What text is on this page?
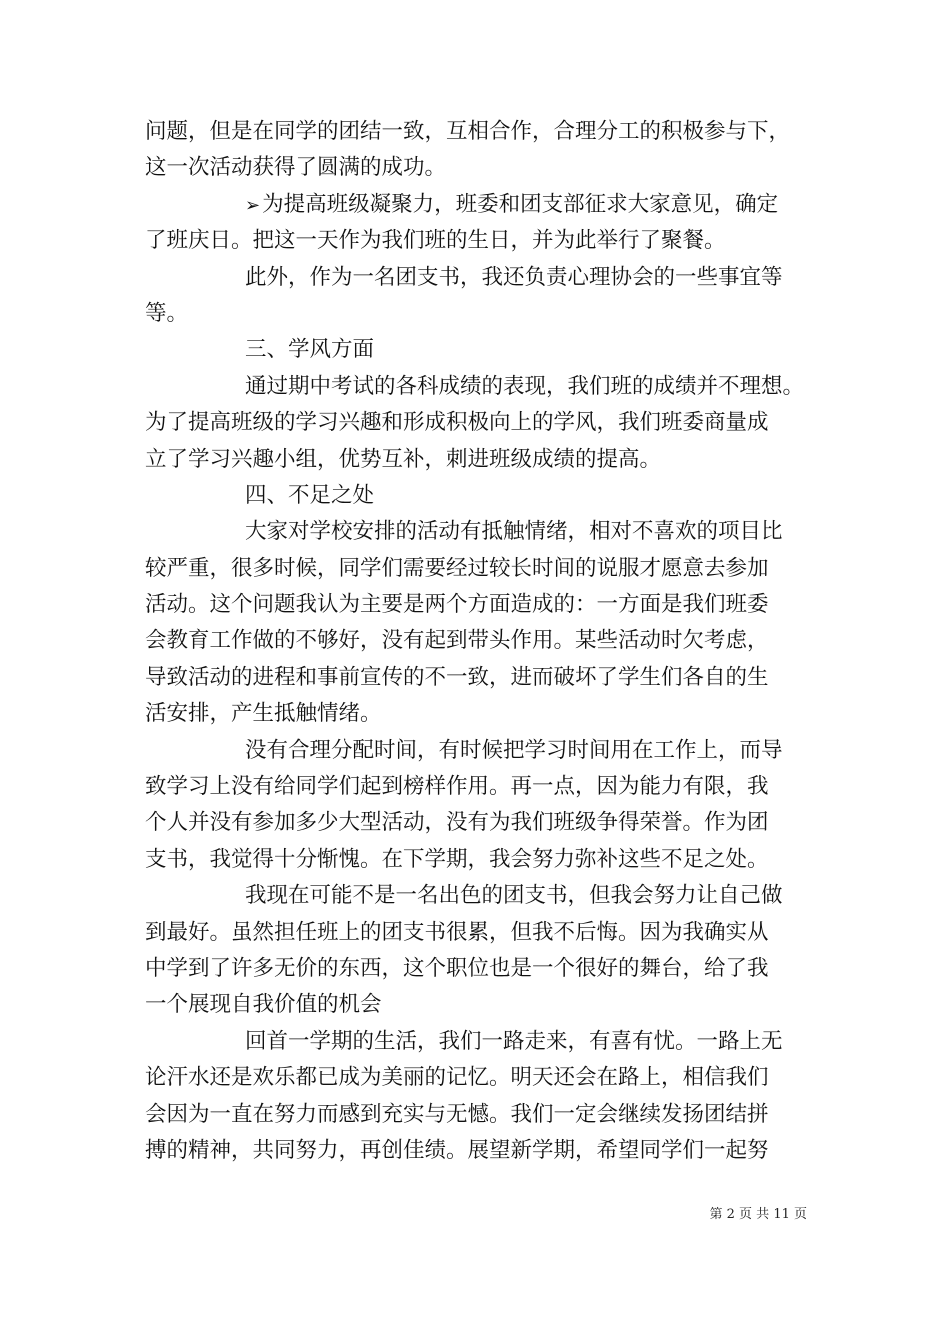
问题，但是在同学的团结一致，互相合作，合理分工的积极参与下，
这一次活动获得了圆满的成功。
➢为提高班级凝聚力，班委和团支部征求大家意见，确定
了班庆日。把这一天作为我们班的生日，并为此举行了聚餐。
此外，作为一名团支书，我还负责心理协会的一些事宜等
等。
三、学风方面
通过期中考试的各科成绩的表现，我们班的成绩并不理想。
为了提高班级的学习兴趣和形成积极向上的学风，我们班委商量成
立了学习兴趣小组，优势互补，刺进班级成绩的提高。
四、不足之处
大家对学校安排的活动有抵触情绪，相对不喜欢的项目比
较严重，很多时候，同学们需要经过较长时间的说服才愿意去参加
活动。这个问题我认为主要是两个方面造成的：一方面是我们班委
会教育工作做的不够好，没有起到带头作用。某些活动时欠考虑，
导致活动的进程和事前宣传的不一致，进而破坏了学生们各自的生
活安排，产生抵触情绪。
没有合理分配时间，有时候把学习时间用在工作上，而导
致学习上没有给同学们起到榜样作用。再一点，因为能力有限，我
个人并没有参加多少大型活动，没有为我们班级争得荣誉。作为团
支书，我觉得十分惭愧。在下学期，我会努力弥补这些不足之处。
我现在可能不是一名出色的团支书，但我会努力让自己做
到最好。虽然担任班上的团支书很累，但我不后悔。因为我确实从
中学到了许多无价的东西，这个职位也是一个很好的舞台，给了我
一个展现自我价值的机会
回首一学期的生活，我们一路走来，有喜有忧。一路上无
论汗水还是欢乐都已成为美丽的记忆。明天还会在路上，相信我们
会因为一直在努力而感到充实与无憾。我们一定会继续发扬团结拼
搏的精神，共同努力，再创佳绩。展望新学期，希望同学们一起努
第 2 页 共 11 页
